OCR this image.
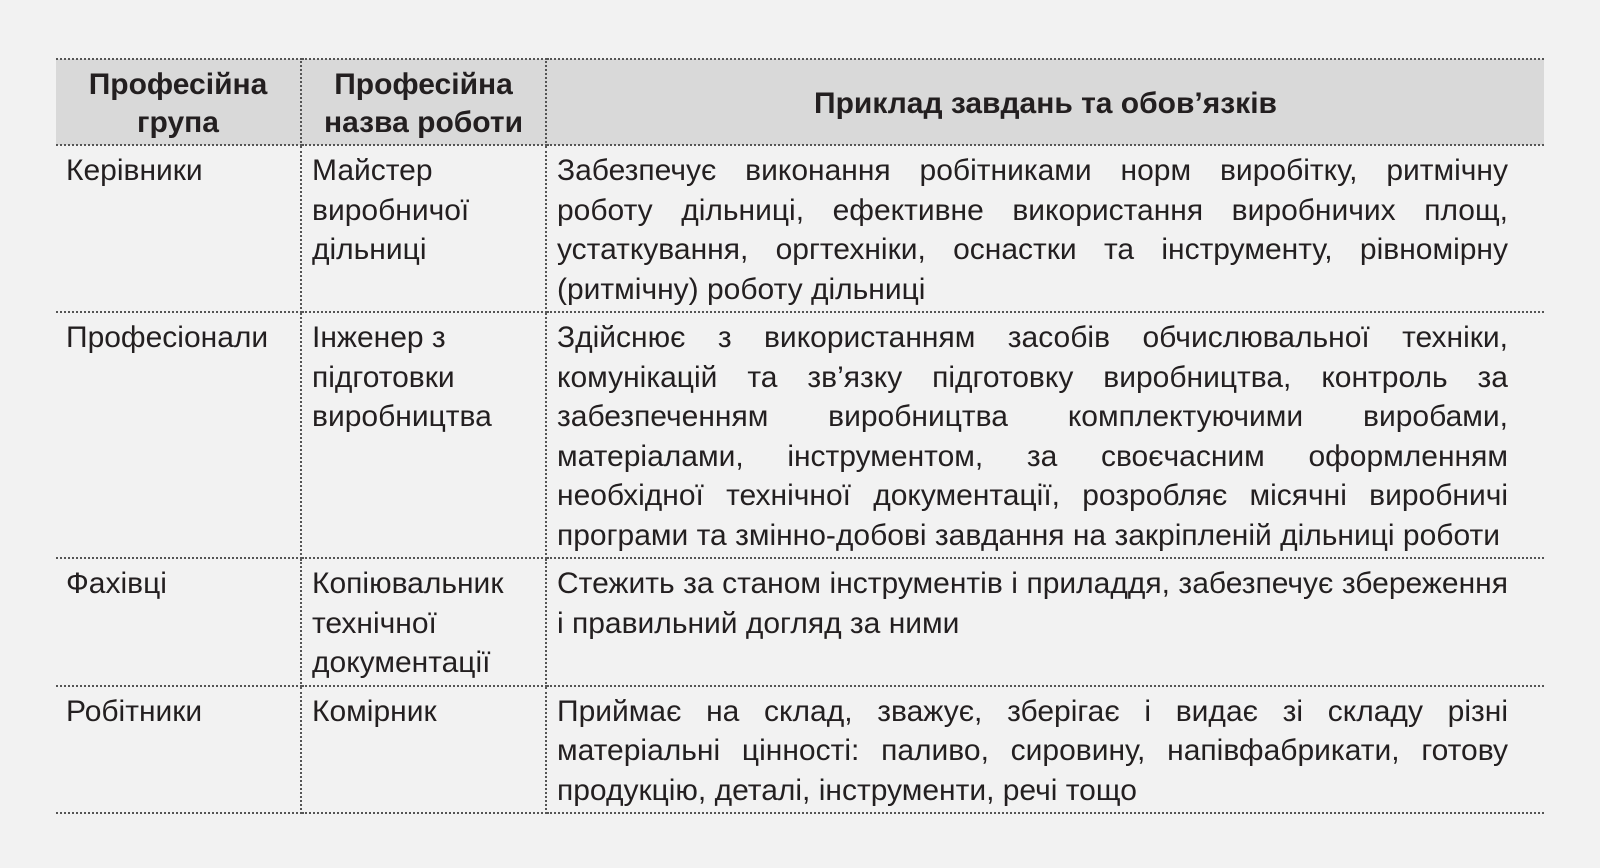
Професійна група	Професійна назва роботи	Приклад завдань та обов’язків
Керівники	Майстер виробничої дільниці	Забезпечує виконання робітниками норм виробітку, ритмічну роботу дільниці, ефективне використання виробничих площ, устаткування, оргтехніки, оснастки та інструменту, рівномірну (ритмічну) роботу дільниці
Професіонали	Інженер з підготовки виробництва	Здійснює з використанням засобів обчислювальної техніки, комунікацій та зв’язку підготовку виробництва, контроль за забезпеченням виробництва комплектуючими виробами, матеріалами, інструментом, за своєчасним оформленням необхідної технічної документації, розробляє місячні виробничі програми та змінно-добові завдання на закріпленій дільниці роботи
Фахівці	Копіювальник технічної документації	Стежить за станом інструментів і приладдя, забезпечує збереження і правильний догляд за ними
Робітники	Комірник	Приймає на склад, зважує, зберігає і видає зі складу різні матеріальні цінності: паливо, сировину, напівфабрикати, готову продукцію, деталі, інструменти, речі тощо
